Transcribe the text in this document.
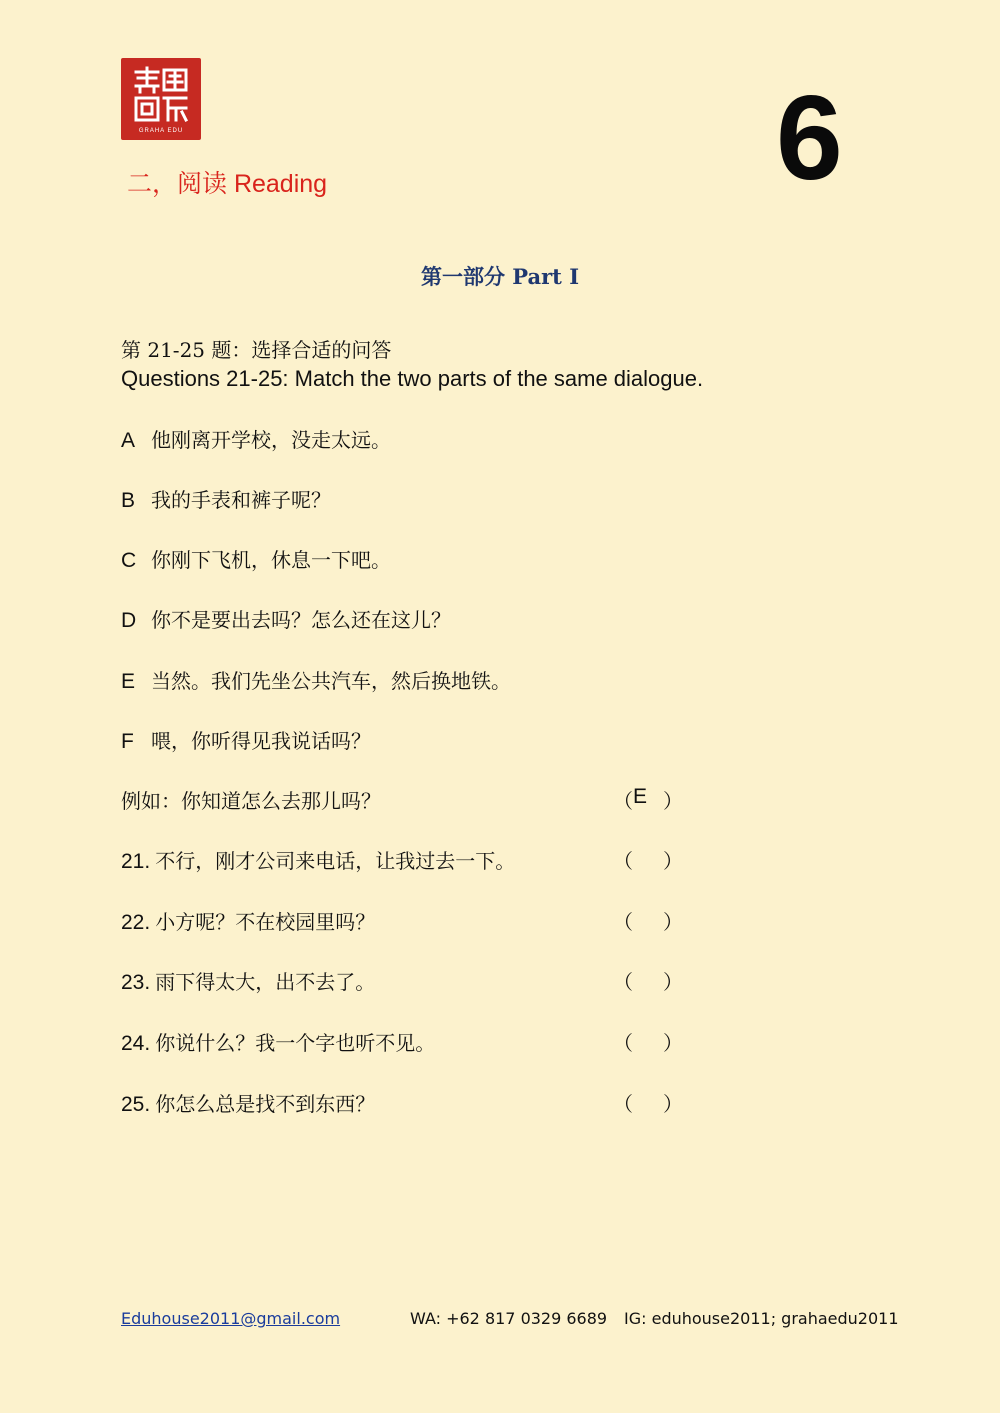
GRAHA EDU
二，阅读 Reading	6
第一部分 Part I

第 21-25 题：选择合适的问答

Questions 21-25: Match the two parts of the same dialogue.

A 他刚离开学校，没走太远。
B 我的手表和裤子呢？
C 你刚下飞机，休息一下吧。
D 你不是要出去吗？怎么还在这儿？
E 当然。我们先坐公共汽车，然后换地铁。
F 喂，你听得见我说话吗？
例如：你知道怎么去那儿吗？	（ E ）
21. 不行，刚才公司来电话，让我过去一下。	（ ）
22. 小方呢？不在校园里吗？	（ ）
23. 雨下得太大，出不去了。	（ ）
24. 你说什么？我一个字也听不见。	（ ）
25. 你怎么总是找不到东西？	（ ）
Eduhouse2011@gmail.com	WA: +62 817 0329 6689 IG: eduhouse2011; grahaedu2011
